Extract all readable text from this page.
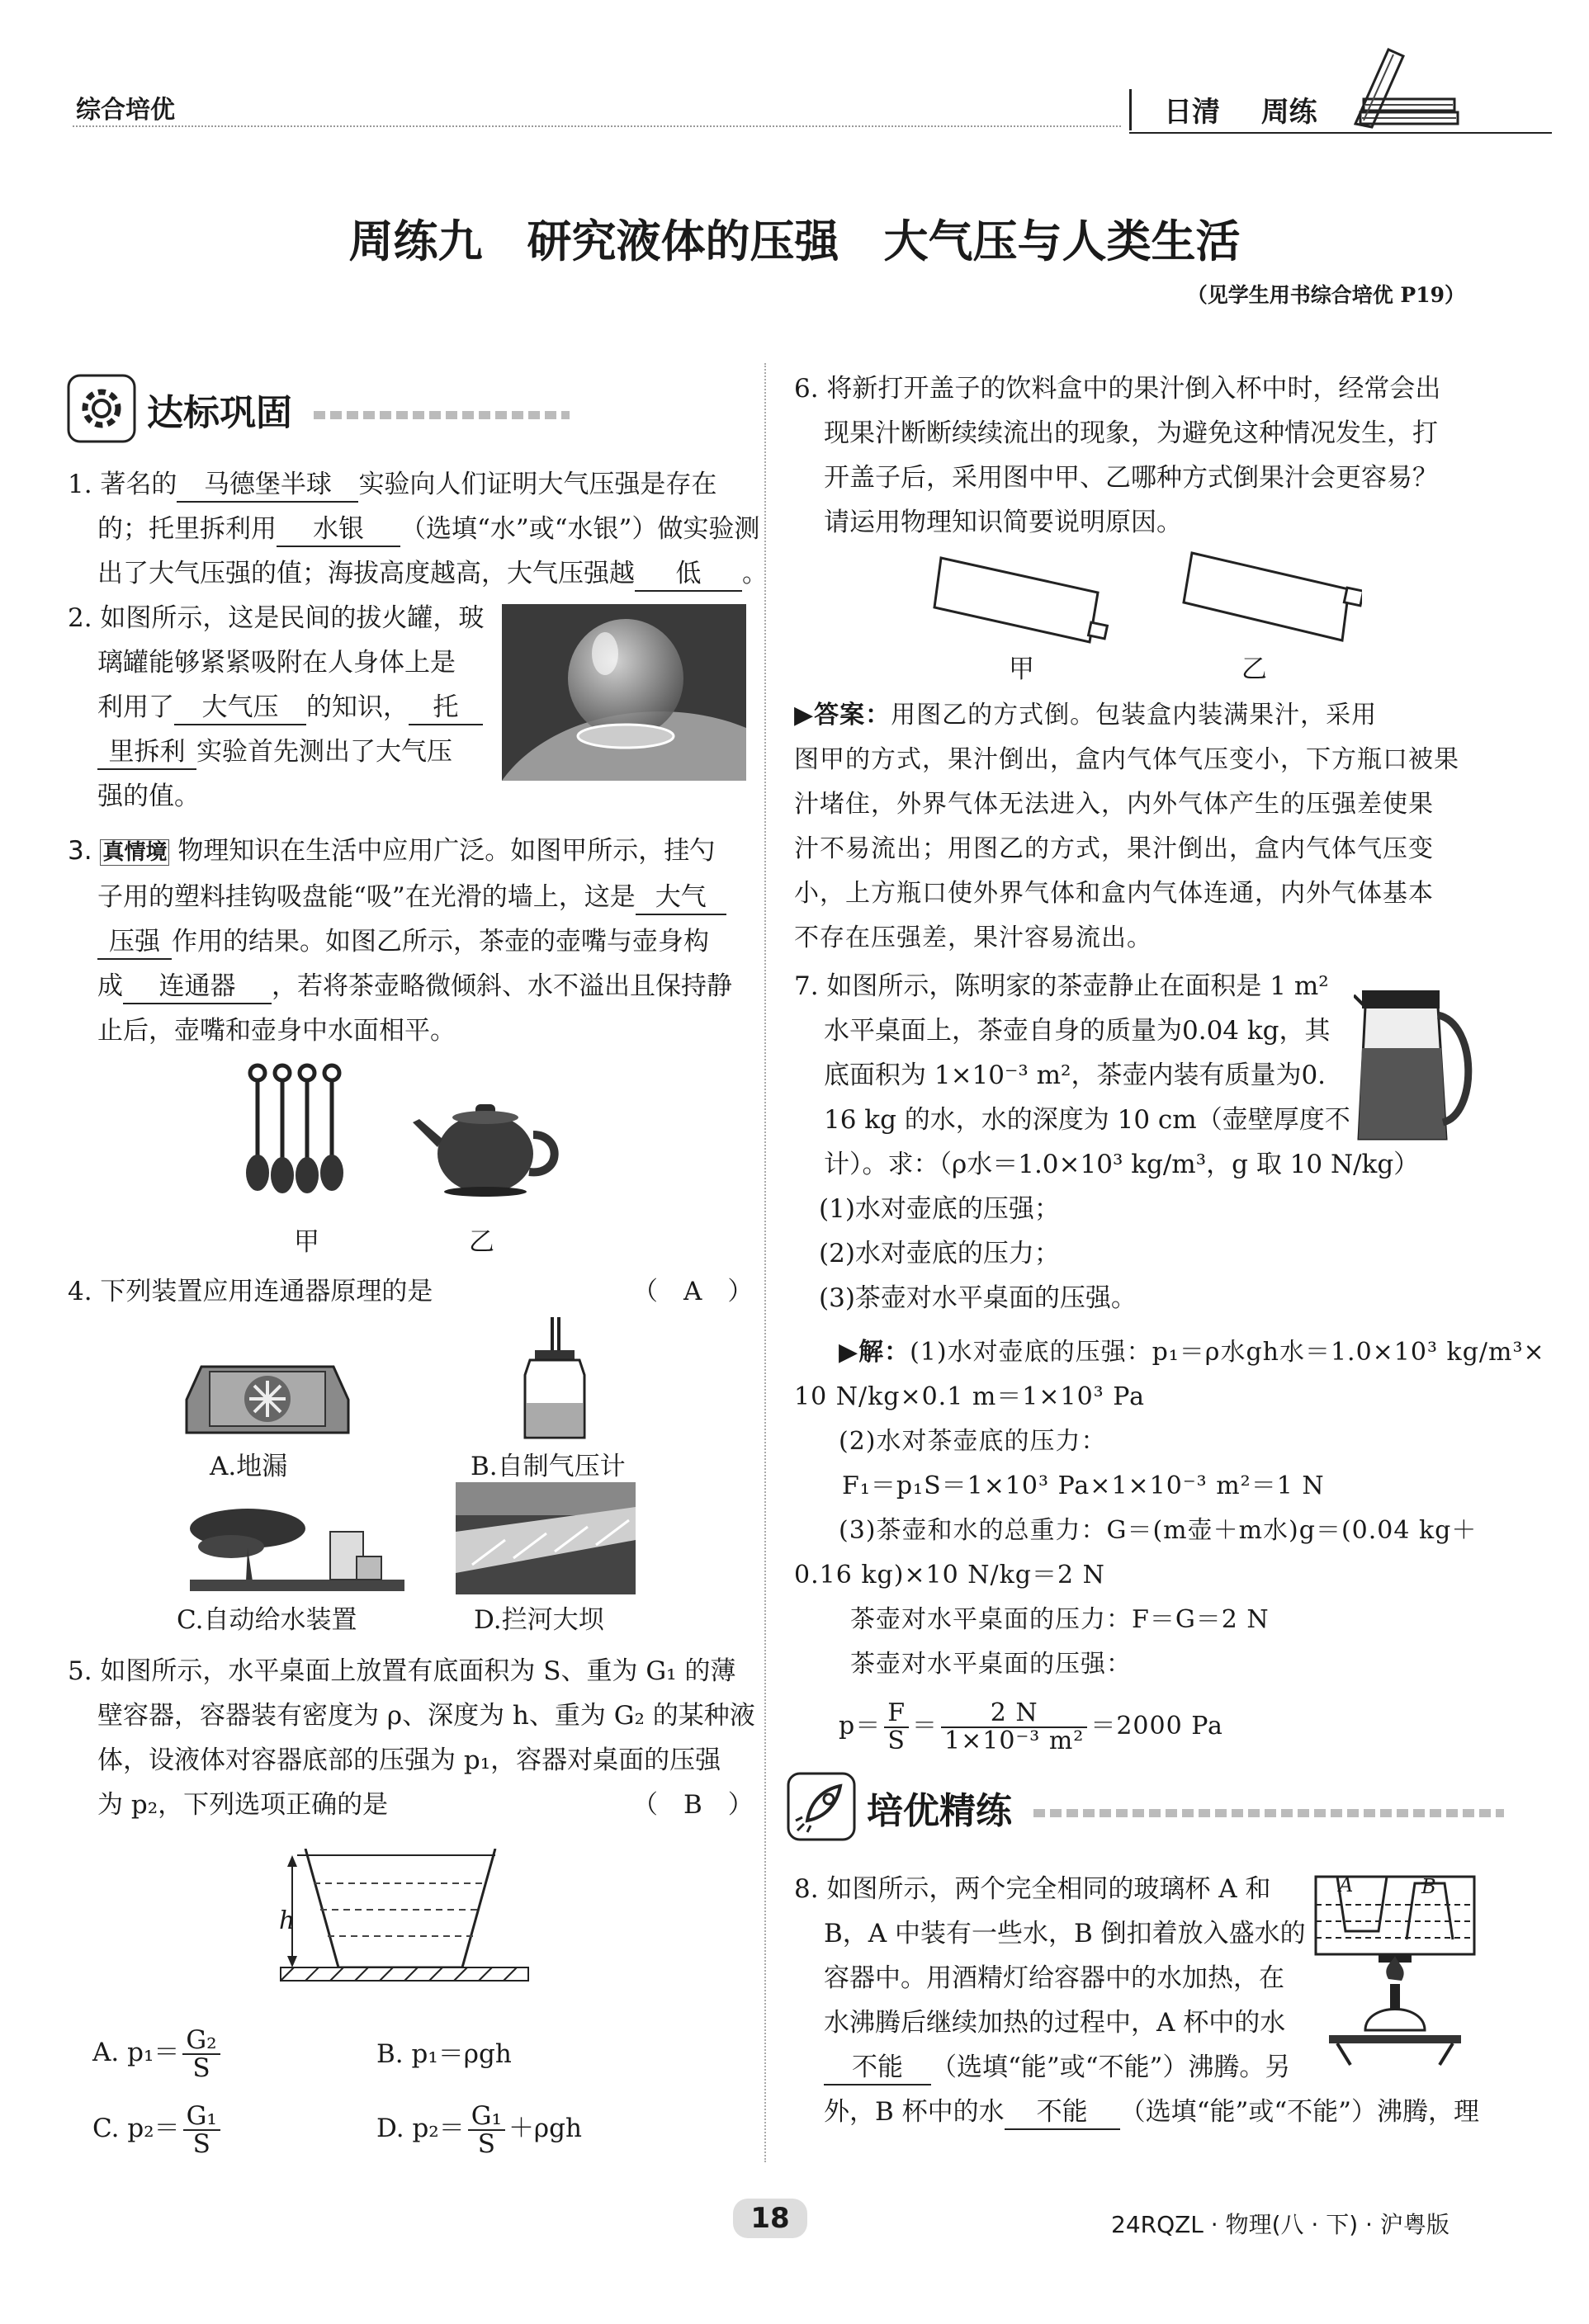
综合培优	日清 周练
周练九　研究液体的压强　大气压与人类生活
（见学生用书综合培优 P19）
达标巩固
1. 著名的 马德堡半球 实验向人们证明大气压强是存在
的；托里拆利用 水银 （选填“水”或“水银”）做实验测
出了大气压强的值；海拔高度越高，大气压强越 低 。
2. 如图所示，这是民间的拔火罐，玻
璃罐能够紧紧吸附在人身体上是
利用了 大气压 的知识， 托
里拆利 实验首先测出了大气压
强的值。
3. 真情境 物理知识在生活中应用广泛。如图甲所示，挂勺
子用的塑料挂钩吸盘能“吸”在光滑的墙上，这是 大气
压强 作用的结果。如图乙所示，茶壶的壶嘴与壶身构
成 连通器 ，若将茶壶略微倾斜、水不溢出且保持静
止后，壶嘴和壶身中水面相平。
甲	乙
4. 下列装置应用连通器原理的是	（　A　）
A.地漏	B.自制气压计
C.自动给水装置	D.拦河大坝
5. 如图所示，水平桌面上放置有底面积为 S、重为 G₁ 的薄
壁容器，容器装有密度为 ρ、深度为 h、重为 G₂ 的某种液
体，设液体对容器底部的压强为 p₁，容器对桌面的压强
为 p₂，下列选项正确的是	（　B　）
h
A. $p_1= \frac{\text{G₂}}{S}$	B. p₁＝ρgh
C. $p_2= \frac{\text{G₁}}{S}$	D. $p_2= \frac{\text{G₁}}{S} +\rho gh$
6. 将新打开盖子的饮料盒中的果汁倒入杯中时，经常会出
现果汁断断续续流出的现象，为避免这种情况发生，打
开盖子后，采用图中甲、乙哪种方式倒果汁会更容易？
请运用物理知识简要说明原因。
甲	乙
▶答案：用图乙的方式倒。包装盒内装满果汁，采用
图甲的方式，果汁倒出，盒内气体气压变小，下方瓶口被果
汁堵住，外界气体无法进入，内外气体产生的压强差使果
汁不易流出；用图乙的方式，果汁倒出，盒内气体气压变
小，上方瓶口使外界气体和盒内气体连通，内外气体基本
不存在压强差，果汁容易流出。
7. 如图所示，陈明家的茶壶静止在面积是 1 m²
水平桌面上，茶壶自身的质量为0.04 kg，其
底面积为 1×10⁻³ m²，茶壶内装有质量为0.
16 kg 的水，水的深度为 10 cm（壶壁厚度不
计）。求：（ρ水＝1.0×10³ kg/m³，g 取 10 N/kg）
(1)水对壶底的压强；
(2)水对壶底的压力；
(3)茶壶对水平桌面的压强。
▶解：(1)水对壶底的压强：p₁＝ρ水gh水＝1.0×10³ kg/m³×
10 N/kg×0.1 m＝1×10³ Pa
(2)水对茶壶底的压力：
F₁＝p₁S＝1×10³ Pa×1×10⁻³ m²＝1 N
(3)茶壶和水的总重力：G＝(m壶＋m水)g＝(0.04 kg＋
0.16 kg)×10 N/kg＝2 N
茶壶对水平桌面的压力：F＝G＝2 N
茶壶对水平桌面的压强：
$p= \frac{F}{S} = \frac{2 N}{\text{1×10⁻³ m²}} =2000$ Pa
培优精练
8. 如图所示，两个完全相同的玻璃杯 A 和
B，A 中装有一些水，B 倒扣着放入盛水的
容器中。用酒精灯给容器中的水加热，在
水沸腾后继续加热的过程中，A 杯中的水
不能 （选填“能”或“不能”）沸腾。另
外，B 杯中的水 不能 （选填“能”或“不能”）沸腾，理
A	B
18	24RQZL · 物理(八 · 下) · 沪粤版
